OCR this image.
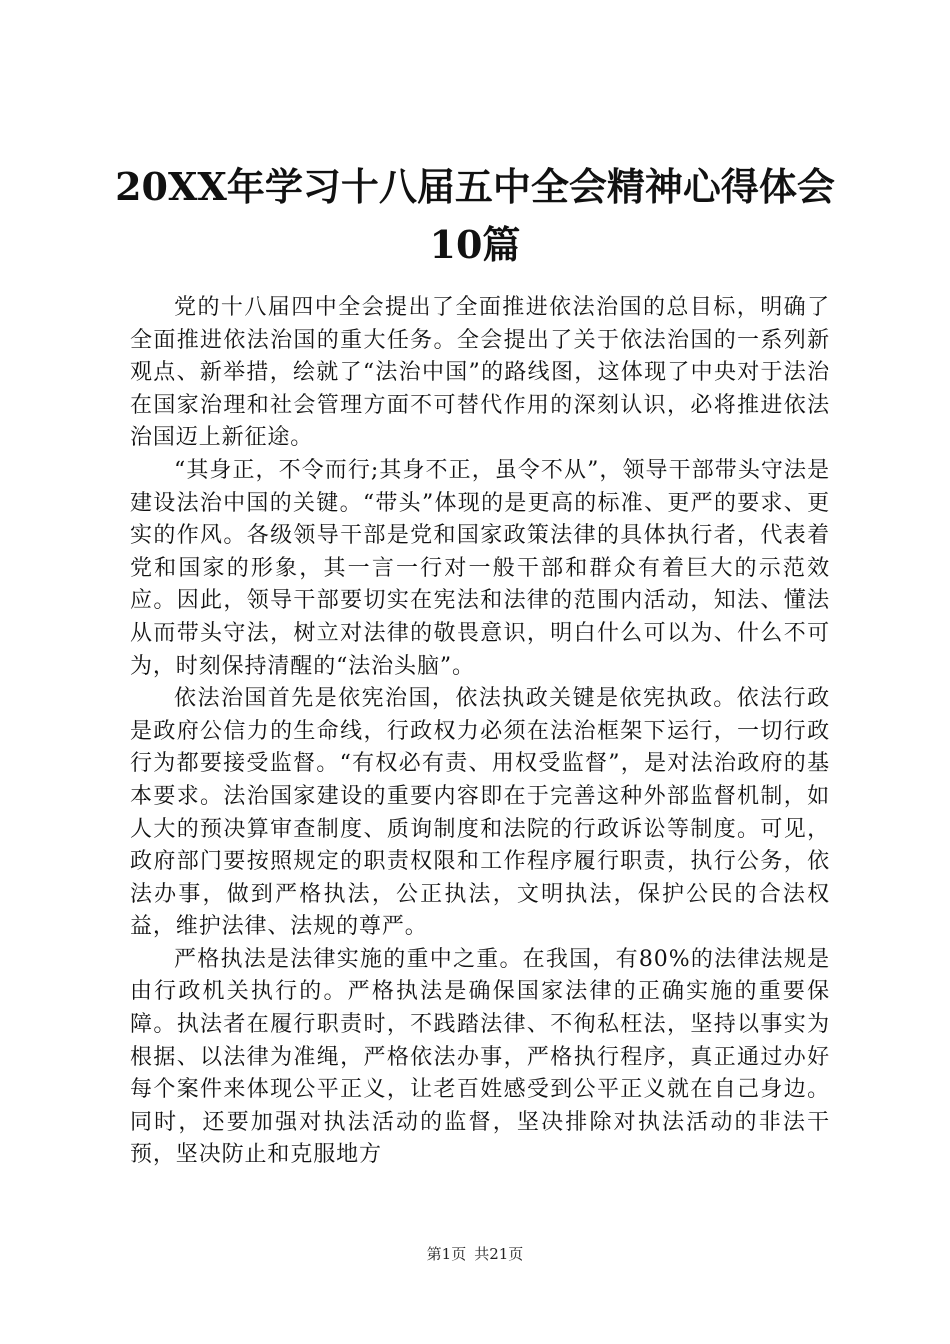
20XX年学习十八届五中全会精神心得体会10篇

党的十八届四中全会提出了全面推进依法治国的总目标，明确了全面推进依法治国的重大任务。全会提出了关于依法治国的一系列新观点、新举措，绘就了“法治中国”的路线图，这体现了中央对于法治在国家治理和社会管理方面不可替代作用的深刻认识，必将推进依法治国迈上新征途。

“其身正，不令而行;其身不正，虽令不从”，领导干部带头守法是建设法治中国的关键。“带头”体现的是更高的标准、更严的要求、更实的作风。各级领导干部是党和国家政策法律的具体执行者，代表着党和国家的形象，其一言一行对一般干部和群众有着巨大的示范效应。因此，领导干部要切实在宪法和法律的范围内活动，知法、懂法从而带头守法，树立对法律的敬畏意识，明白什么可以为、什么不可为，时刻保持清醒的“法治头脑”。

依法治国首先是依宪治国，依法执政关键是依宪执政。依法行政是政府公信力的生命线，行政权力必须在法治框架下运行，一切行政行为都要接受监督。“有权必有责、用权受监督”，是对法治政府的基本要求。法治国家建设的重要内容即在于完善这种外部监督机制，如人大的预决算审查制度、质询制度和法院的行政诉讼等制度。可见，政府部门要按照规定的职责权限和工作程序履行职责，执行公务，依法办事，做到严格执法，公正执法，文明执法，保护公民的合法权益，维护法律、法规的尊严。

严格执法是法律实施的重中之重。在我国，有80%的法律法规是由行政机关执行的。严格执法是确保国家法律的正确实施的重要保障。执法者在履行职责时，不践踏法律、不徇私枉法，坚持以事实为根据、以法律为准绳，严格依法办事，严格执行程序，真正通过办好每个案件来体现公平正义，让老百姓感受到公平正义就在自己身边。同时，还要加强对执法活动的监督，坚决排除对执法活动的非法干预，坚决防止和克服地方

第1页 共21页
